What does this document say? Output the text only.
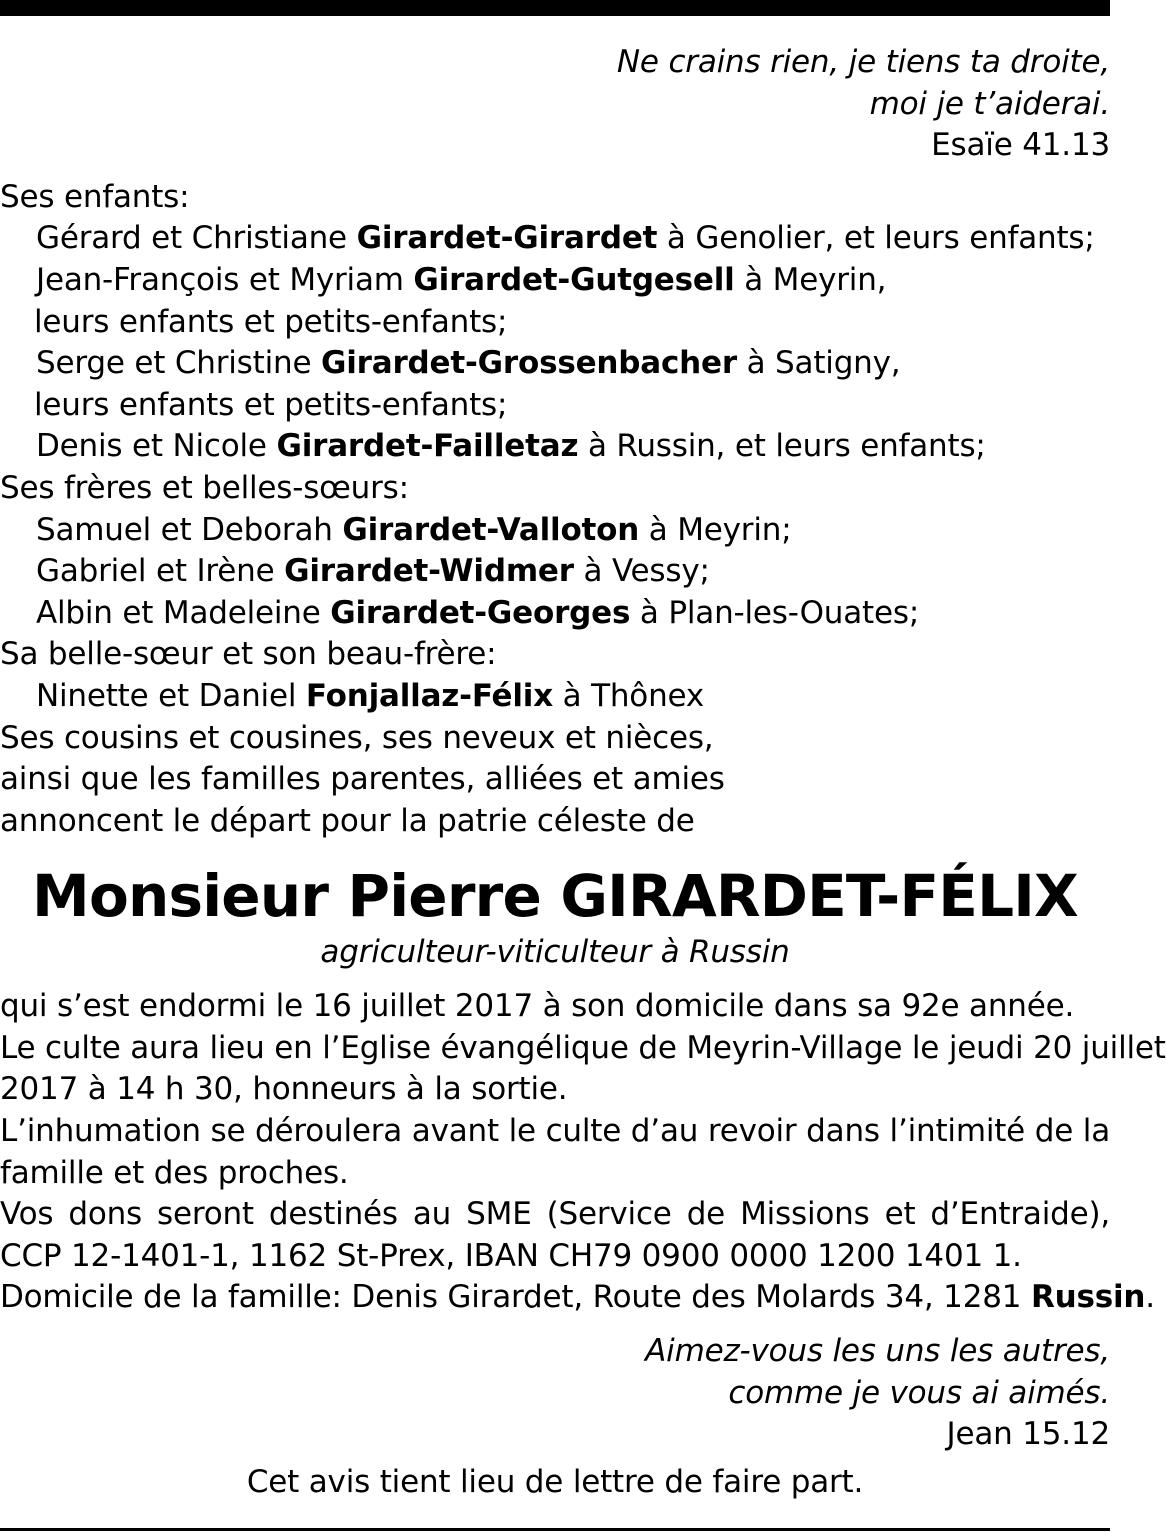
Ne crains rien, je tiens ta droite,
moi je t’aiderai.
Esaïe 41.13
Ses enfants:
Gérard et Christiane Girardet-Girardet à Genolier, et leurs enfants;
Jean-François et Myriam Girardet-Gutgesell à Meyrin,
leurs enfants et petits-enfants;
Serge et Christine Girardet-Grossenbacher à Satigny,
leurs enfants et petits-enfants;
Denis et Nicole Girardet-Failletaz à Russin, et leurs enfants;
Ses frères et belles-sœurs:
Samuel et Deborah Girardet-Valloton à Meyrin;
Gabriel et Irène Girardet-Widmer à Vessy;
Albin et Madeleine Girardet-Georges à Plan-les-Ouates;
Sa belle-sœur et son beau-frère:
Ninette et Daniel Fonjallaz-Félix à Thônex
Ses cousins et cousines, ses neveux et nièces,
ainsi que les familles parentes, alliées et amies
annoncent le départ pour la patrie céleste de
Monsieur Pierre GIRARDET-FÉLIX
agriculteur-viticulteur à Russin
qui s’est endormi le 16 juillet 2017 à son domicile dans sa 92e année.
Le culte aura lieu en l’Eglise évangélique de Meyrin-Village le jeudi 20 juillet
2017 à 14 h 30, honneurs à la sortie.
L’inhumation se déroulera avant le culte d’au revoir dans l’intimité de la
famille et des proches.
Vos dons seront destinés au SME (Service de Missions et d’Entraide),
CCP 12-1401-1, 1162 St-Prex, IBAN CH79 0900 0000 1200 1401 1.
Domicile de la famille: Denis Girardet, Route des Molards 34, 1281 Russin.
Aimez-vous les uns les autres,
comme je vous ai aimés.
Jean 15.12
Cet avis tient lieu de lettre de faire part.
